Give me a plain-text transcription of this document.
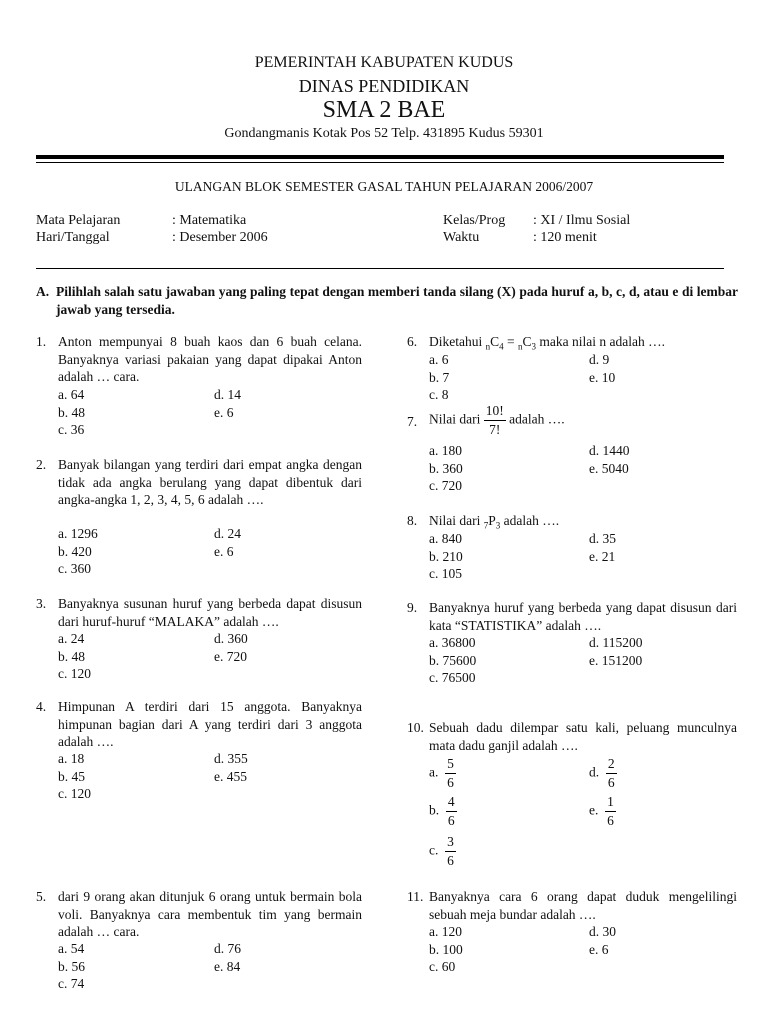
PEMERINTAH KABUPATEN KUDUS
DINAS PENDIDIKAN
SMA 2 BAE
Gondangmanis Kotak Pos 52 Telp. 431895 Kudus 59301
ULANGAN BLOK SEMESTER GASAL TAHUN PELAJARAN 2006/2007
Mata Pelajaran	: Matematika
Hari/Tanggal	: Desember 2006
Kelas/Prog : XI / Ilmu Sosial
Waktu	: 120 menit
A. Pilihlah salah satu jawaban yang paling tepat dengan memberi tanda silang (X) pada huruf a, b, c, d, atau e di lembar jawab yang tersedia.
1. Anton mempunyai 8 buah kaos dan 6 buah celana. Banyaknya variasi pakaian yang dapat dipakai Anton adalah … cara.
a. 64
b. 48
c. 36
d. 14
e. 6
2. Banyak bilangan yang terdiri dari empat angka dengan tidak ada angka berulang yang dapat dibentuk dari angka-angka 1, 2, 3, 4, 5, 6 adalah ….
a. 1296
b. 420
c. 360
d. 24
e. 6
3. Banyaknya susunan huruf yang berbeda dapat disusun dari huruf-huruf “MALAKA” adalah ….
a. 24
b. 48
c. 120
d. 360
e. 720
4. Himpunan A terdiri dari 15 anggota. Banyaknya himpunan bagian dari A yang terdiri dari 3 anggota adalah ….
a. 18
b. 45
c. 120
d. 355
e. 455
5. dari 9 orang akan ditunjuk 6 orang untuk bermain bola voli. Banyaknya cara membentuk tim yang bermain adalah … cara.
a. 54
b. 56
c. 74
d. 76
e. 84
6. Diketahui $_nC_4 = _nC_3$ maka nilai n adalah ….
a. 6
b. 7
c. 8
d. 9
e. 10
7. Nilai dari $\frac{10!}{7!}$ adalah ….
a. 180
b. 360
c. 720
d. 1440
e. 5040
8. Nilai dari $_7P_3$ adalah ….
a. 840
b. 210
c. 105
d. 35
e. 21
9. Banyaknya huruf yang berbeda yang dapat disusun dari kata “STATISTIKA” adalah ….
a. 36800
b. 75600
c. 76500
d. 115200
e. 151200
10. Sebuah dadu dilempar satu kali, peluang munculnya mata dadu ganjil adalah ….
a. $\frac{5}{6}$
b. $\frac{4}{6}$
c. $\frac{3}{6}$
d. $\frac{2}{6}$
e. $\frac{1}{6}$
11. Banyaknya cara 6 orang dapat duduk mengelilingi sebuah meja bundar adalah ….
a. 120
b. 100
c. 60
d. 30
e. 6
